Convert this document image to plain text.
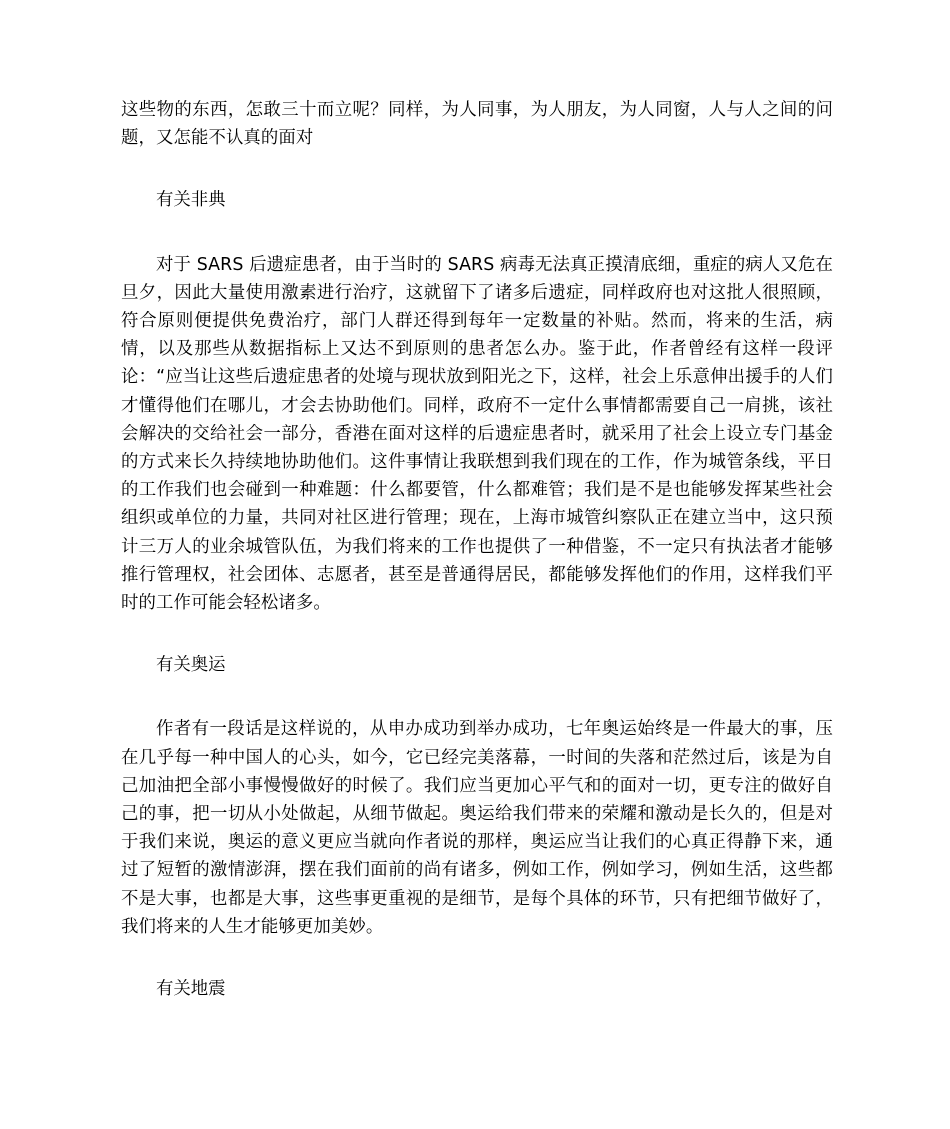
这些物的东西，怎敢三十而立呢？同样，为人同事，为人朋友，为人同窗，人与人之间的问题，又怎能不认真的面对

有关非典

对于 SARS 后遗症患者，由于当时的 SARS 病毒无法真正摸清底细，重症的病人又危在旦夕，因此大量使用激素进行治疗，这就留下了诸多后遗症，同样政府也对这批人很照顾，符合原则便提供免费治疗，部门人群还得到每年一定数量的补贴。然而，将来的生活，病情，以及那些从数据指标上又达不到原则的患者怎么办。鉴于此，作者曾经有这样一段评论：“应当让这些后遗症患者的处境与现状放到阳光之下，这样，社会上乐意伸出援手的人们才懂得他们在哪儿，才会去协助他们。同样，政府不一定什么事情都需要自己一肩挑，该社会解决的交给社会一部分，香港在面对这样的后遗症患者时，就采用了社会上设立专门基金的方式来长久持续地协助他们。这件事情让我联想到我们现在的工作，作为城管条线，平日的工作我们也会碰到一种难题：什么都要管，什么都难管；我们是不是也能够发挥某些社会组织或单位的力量，共同对社区进行管理；现在，上海市城管纠察队正在建立当中，这只预计三万人的业余城管队伍，为我们将来的工作也提供了一种借鉴，不一定只有执法者才能够推行管理权，社会团体、志愿者，甚至是普通得居民，都能够发挥他们的作用，这样我们平时的工作可能会轻松诸多。

有关奥运

作者有一段话是这样说的，从申办成功到举办成功，七年奥运始终是一件最大的事，压在几乎每一种中国人的心头，如今，它已经完美落幕，一时间的失落和茫然过后，该是为自己加油把全部小事慢慢做好的时候了。我们应当更加心平气和的面对一切，更专注的做好自己的事，把一切从小处做起，从细节做起。奥运给我们带来的荣耀和激动是长久的，但是对于我们来说，奥运的意义更应当就向作者说的那样，奥运应当让我们的心真正得静下来，通过了短暂的激情澎湃，摆在我们面前的尚有诸多，例如工作，例如学习，例如生活，这些都不是大事，也都是大事，这些事更重视的是细节，是每个具体的环节，只有把细节做好了，我们将来的人生才能够更加美妙。

有关地震
